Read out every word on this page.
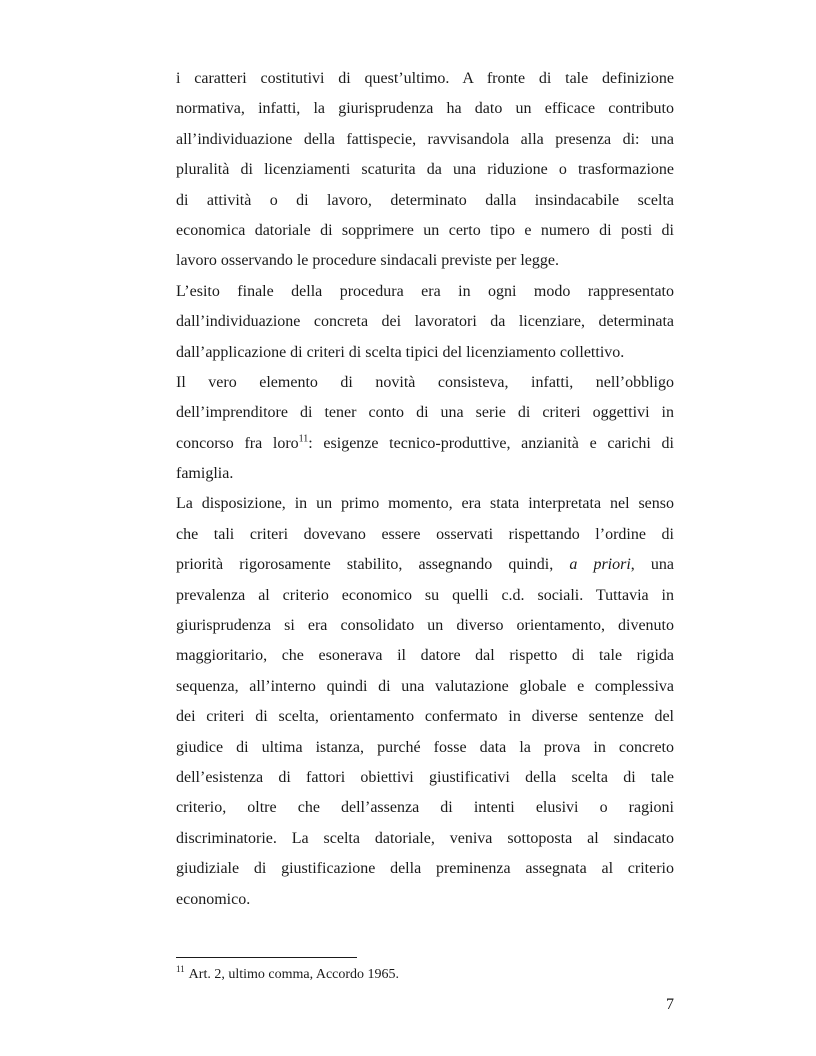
i caratteri costitutivi di quest’ultimo. A fronte di tale definizione
normativa, infatti, la giurisprudenza ha dato un efficace contributo
all’individuazione della fattispecie, ravvisandola alla presenza di: una
pluralità di licenziamenti scaturita da una riduzione o trasformazione
di attività o di lavoro, determinato dalla insindacabile scelta
economica datoriale di sopprimere un certo tipo e numero di posti di
lavoro osservando le procedure sindacali previste per legge.
L’esito finale della procedura era in ogni modo rappresentato
dall’individuazione concreta dei lavoratori da licenziare, determinata
dall’applicazione di criteri di scelta tipici del licenziamento collettivo.
Il vero elemento di novità consisteva, infatti, nell’obbligo
dell’imprenditore di tener conto di una serie di criteri oggettivi in
concorso fra loro$^{11}$: esigenze tecnico-produttive, anzianità e carichi di
famiglia.
La disposizione, in un primo momento, era stata interpretata nel senso
che tali criteri dovevano essere osservati rispettando l’ordine di
priorità rigorosamente stabilito, assegnando quindi, a priori, una
prevalenza al criterio economico su quelli c.d. sociali. Tuttavia in
giurisprudenza si era consolidato un diverso orientamento, divenuto
maggioritario, che esonerava il datore dal rispetto di tale rigida
sequenza, all’interno quindi di una valutazione globale e complessiva
dei criteri di scelta, orientamento confermato in diverse sentenze del
giudice di ultima istanza, purché fosse data la prova in concreto
dell’esistenza di fattori obiettivi giustificativi della scelta di tale
criterio, oltre che dell’assenza di intenti elusivi o ragioni
discriminatorie. La scelta datoriale, veniva sottoposta al sindacato
giudiziale di giustificazione della preminenza assegnata al criterio
economico.
$^{11}$ Art. 2, ultimo comma, Accordo 1965.
7
